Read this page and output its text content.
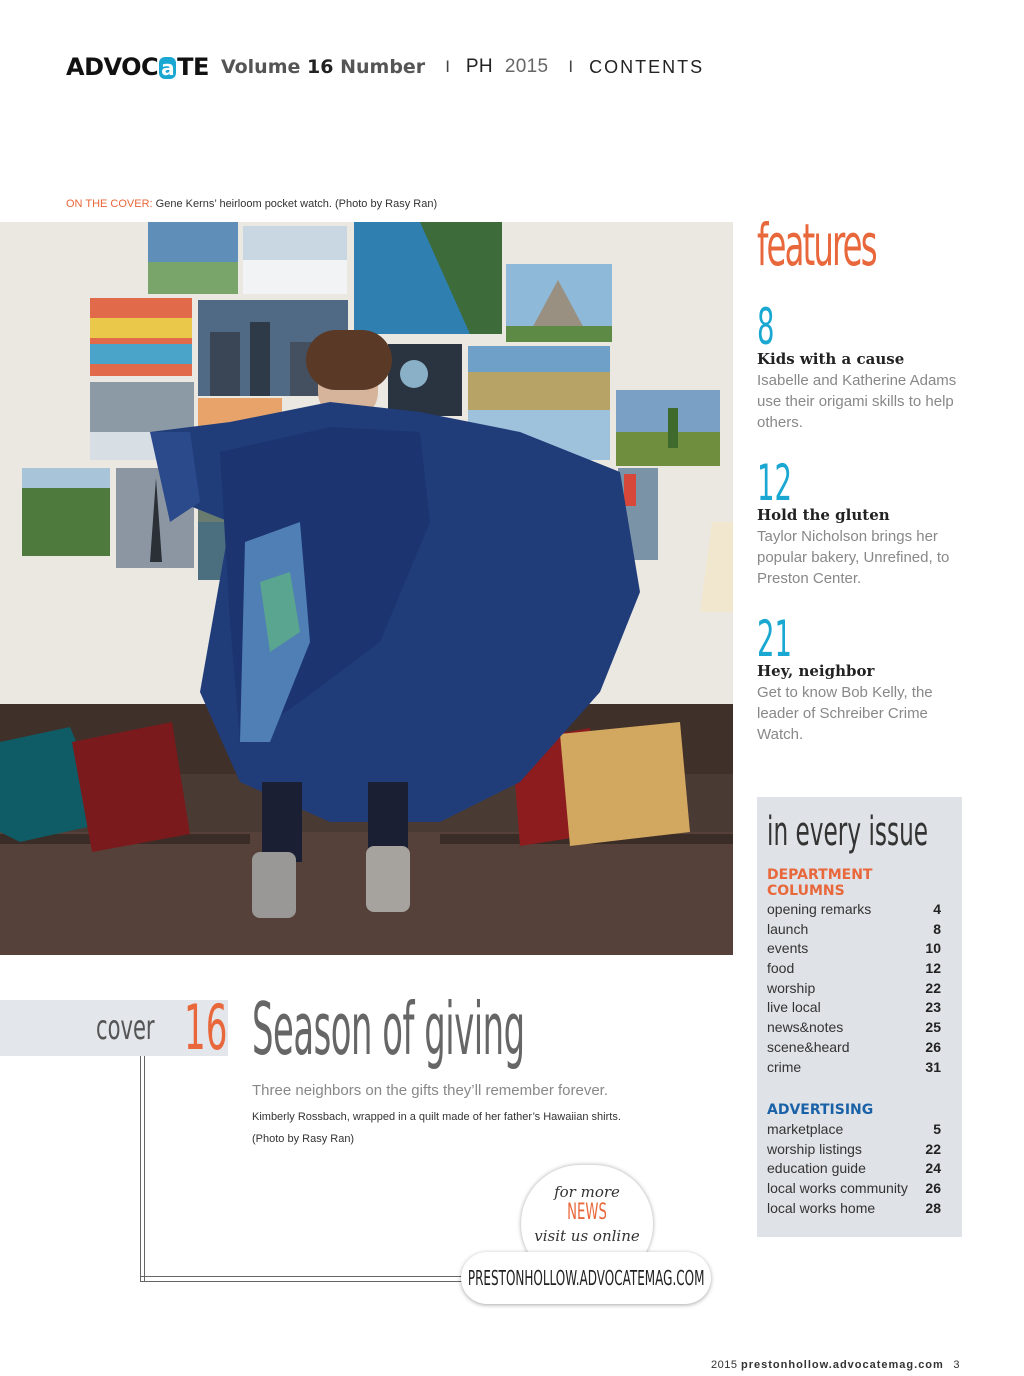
ADVOC a TE Volume 16 Number I PH 2015 I CONTENTS
ON THE COVER: Gene Kerns’ heirloom pocket watch. (Photo by Rasy Ran)
features
8
Kids with a cause
Isabelle and Katherine Adams use their origami skills to help others.
12
Hold the gluten
Taylor Nicholson brings her popular bakery, Unrefined, to Preston Center.
21
Hey, neighbor
Get to know Bob Kelly, the leader of Schreiber Crime Watch.
in every issue
DEPARTMENT COLUMNS
opening remarks	4
launch	8
events	10
food	12
worship	22
live local	23
news&notes	25
scene&heard	26
crime	31
ADVERTISING
marketplace	5
worship listings	22
education guide	24
local works community 26
local works home	28
cover 16 Season of giving
Three neighbors on the gifts they’ll remember forever.
Kimberly Rossbach, wrapped in a quilt made of her father’s Hawaiian shirts.
(Photo by Rasy Ran)
for more
NEWS
visit us online
PRESTONHOLLOW.ADVOCATEMAG.COM
2015 prestonhollow.advocatemag.com 3
